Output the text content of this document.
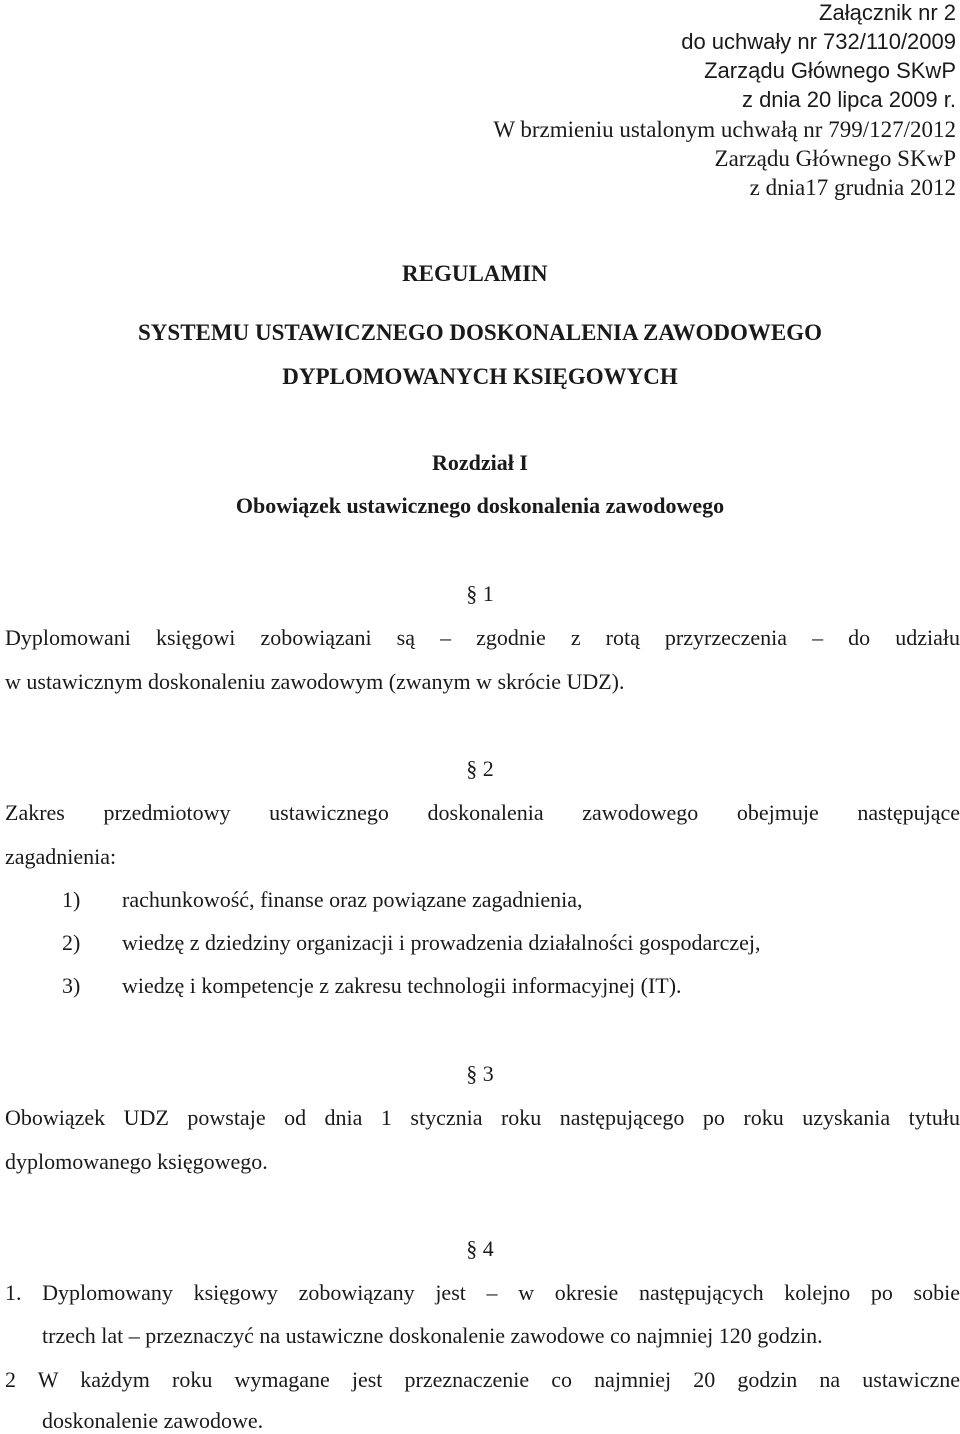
Załącznik nr 2
do uchwały nr 732/110/2009
Zarządu Głównego SKwP
z dnia 20 lipca 2009 r.
W brzmieniu ustalonym uchwałą nr 799/127/2012
Zarządu Głównego SKwP
z dnia17 grudnia 2012
REGULAMIN
SYSTEMU USTAWICZNEGO DOSKONALENIA ZAWODOWEGO
DYPLOMOWANYCH KSIĘGOWYCH
Rozdział I
Obowiązek ustawicznego doskonalenia zawodowego
§ 1
Dyplomowani księgowi zobowiązani są – zgodnie z rotą przyrzeczenia – do udziału
w ustawicznym doskonaleniu zawodowym (zwanym w skrócie UDZ).
§ 2
Zakres przedmiotowy ustawicznego doskonalenia zawodowego obejmuje następujące
zagadnienia:
1) rachunkowość, finanse oraz powiązane zagadnienia,
2) wiedzę z dziedziny organizacji i prowadzenia działalności gospodarczej,
3) wiedzę i kompetencje z zakresu technologii informacyjnej (IT).
§ 3
Obowiązek UDZ powstaje od dnia 1 stycznia roku następującego po roku uzyskania tytułu
dyplomowanego księgowego.
§ 4
1. Dyplomowany księgowy zobowiązany jest – w okresie następujących kolejno po sobie
trzech lat – przeznaczyć na ustawiczne doskonalenie zawodowe co najmniej 120 godzin.
2 W każdym roku wymagane jest przeznaczenie co najmniej 20 godzin na ustawiczne
doskonalenie zawodowe.
